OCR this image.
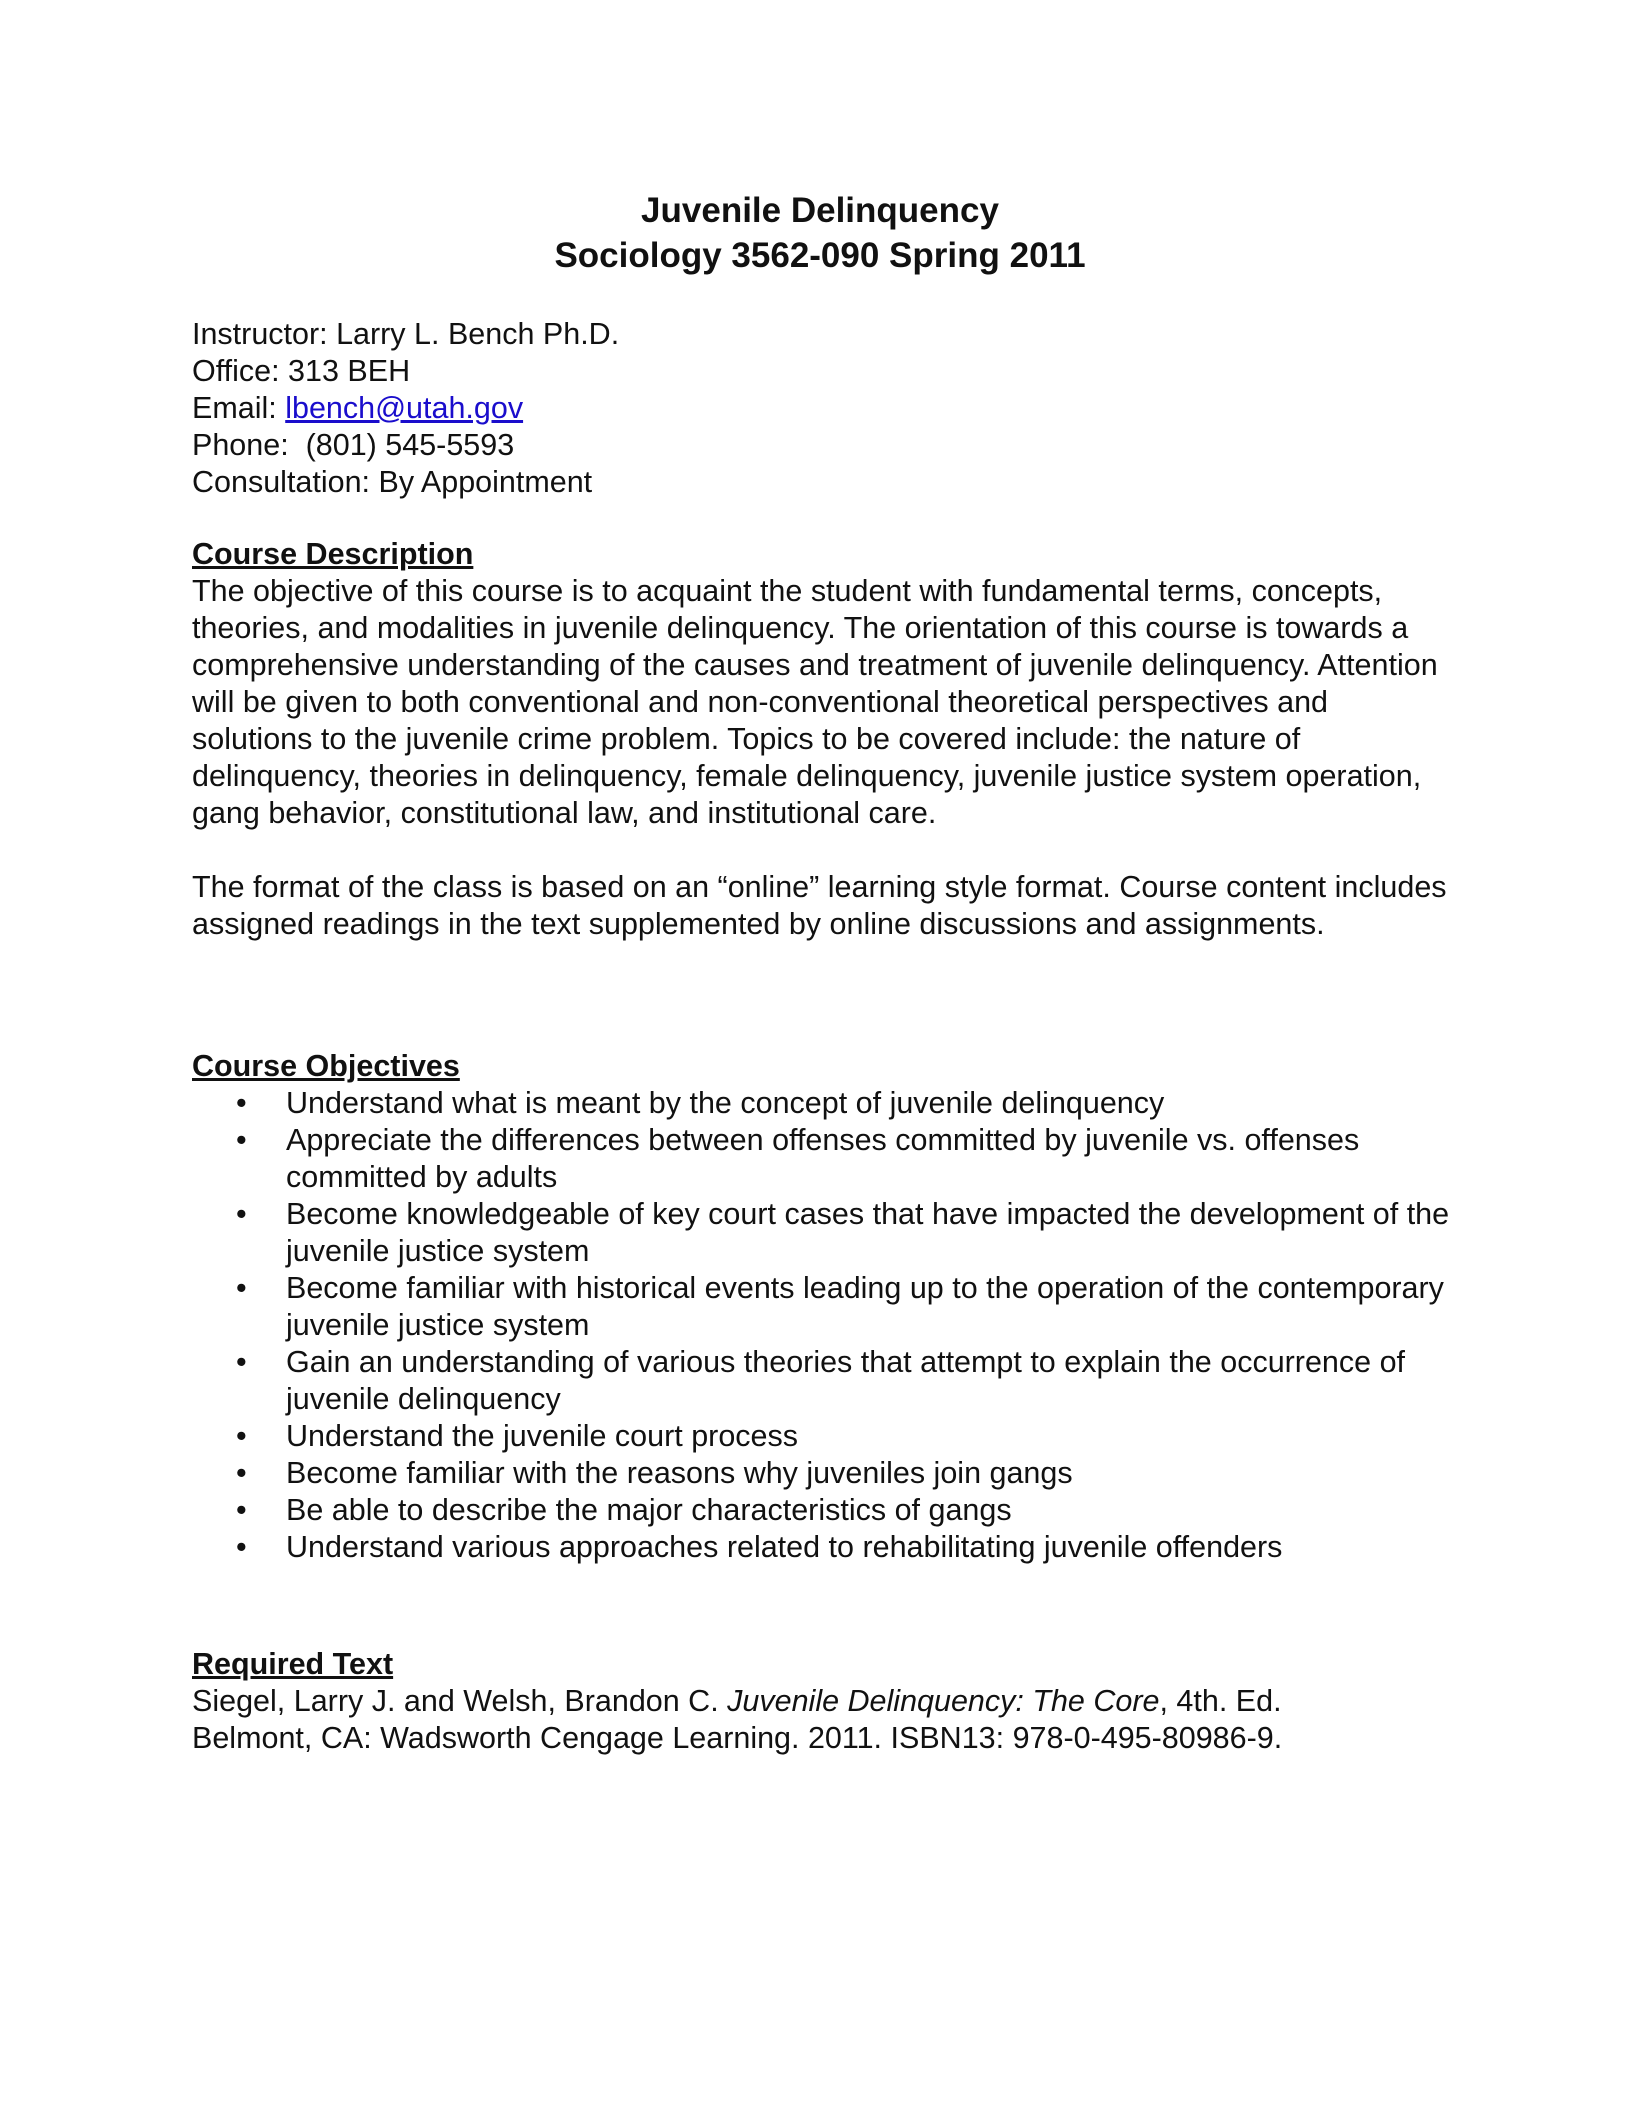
Juvenile Delinquency
Sociology 3562-090 Spring 2011
Instructor: Larry L. Bench Ph.D.
Office: 313 BEH
Email: lbench@utah.gov
Phone:  (801) 545-5593
Consultation: By Appointment
Course Description

The objective of this course is to acquaint the student with fundamental terms, concepts, theories, and modalities in juvenile delinquency. The orientation of this course is towards a comprehensive understanding of the causes and treatment of juvenile delinquency. Attention will be given to both conventional and non-conventional theoretical perspectives and solutions to the juvenile crime problem. Topics to be covered include: the nature of delinquency, theories in delinquency, female delinquency, juvenile justice system operation, gang behavior, constitutional law, and institutional care.

The format of the class is based on an “online” learning style format. Course content includes assigned readings in the text supplemented by online discussions and assignments.

Course Objectives
• Understand what is meant by the concept of juvenile delinquency
• Appreciate the differences between offenses committed by juvenile vs. offenses committed by adults
• Become knowledgeable of key court cases that have impacted the development of the juvenile justice system
• Become familiar with historical events leading up to the operation of the contemporary juvenile justice system
• Gain an understanding of various theories that attempt to explain the occurrence of juvenile delinquency
• Understand the juvenile court process
• Become familiar with the reasons why juveniles join gangs
• Be able to describe the major characteristics of gangs
• Understand various approaches related to rehabilitating juvenile offenders
Required Text
Siegel, Larry J. and Welsh, Brandon C. Juvenile Delinquency: The Core, 4th. Ed.
Belmont, CA: Wadsworth Cengage Learning. 2011. ISBN13: 978-0-495-80986-9.
